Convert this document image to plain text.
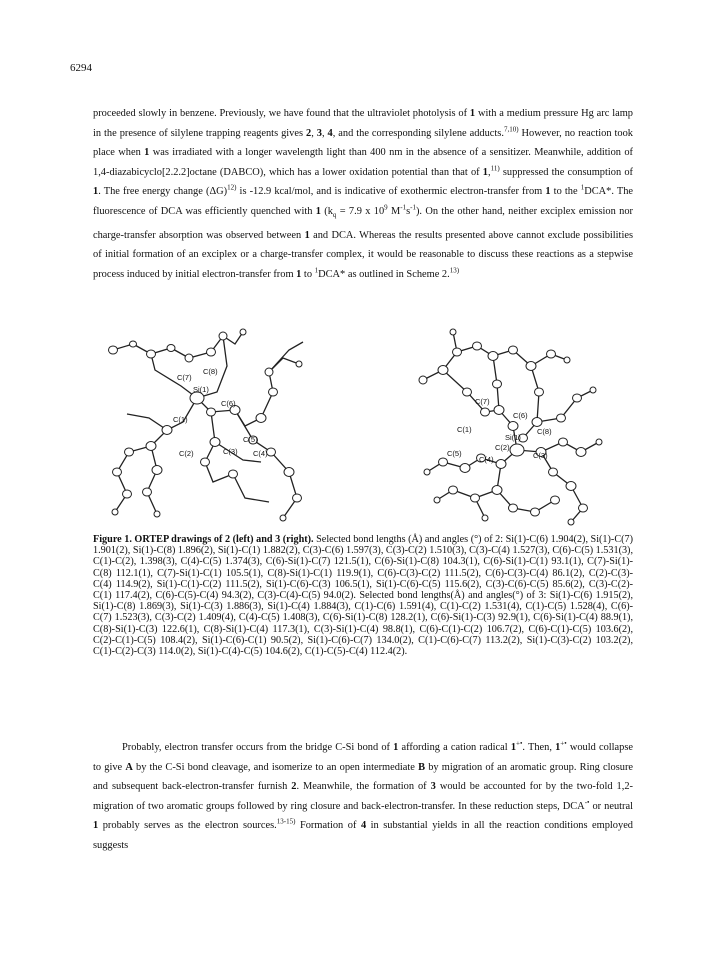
6294

proceeded slowly in benzene. Previously, we have found that the ultraviolet photolysis of 1 with a medium pressure Hg arc lamp in the presence of silylene trapping reagents gives 2, 3, 4, and the corresponding silylene adducts.$^{7,10)}$ However, no reaction took place when 1 was irradiated with a longer wavelength light than 400 nm in the absence of a sensitizer. Meanwhile, addition of 1,4-diazabicyclo[2.2.2]octane (DABCO), which has a lower oxidation potential than that of 1,$^{11)}$ suppressed the consumption of 1. The free energy change $(\Delta G)^{12)}$ is -12.9 kcal/mol, and is indicative of exothermic electron-transfer from 1 to the $^1$DCA*. The fluorescence of DCA was efficiently quenched with 1 ($k_q = 7.9$ x $10^9$ $M^{-1}s^{-1}$). On the other hand, neither exciplex emission nor charge-transfer absorption was observed between 1 and DCA. Whereas the results presented above cannot exclude possibilities of initial formation of an exciplex or a charge-transfer complex, it would be reasonable to discuss these reactions as a stepwise process induced by initial electron-transfer from 1 to $^1$DCA* as outlined in Scheme 2.$^{13)}$

C(7)
C(8)
Si(1)
C(6)
C(1)
C(5)
C(2)	C(3) C(4)
C(7)
C(6)
C(1)
Si(1)
C(8)
C(2)
C(5)
C(4)	C(3)

Figure 1. ORTEP drawings of 2 (left) and 3 (right). Selected bond lengths (Å) and angles (°) of 2: Si(1)-C(6) 1.904(2), Si(1)-C(7) 1.901(2), Si(1)-C(8) 1.896(2), Si(1)-C(1) 1.882(2), C(3)-C(6) 1.597(3), C(3)-C(2) 1.510(3), C(3)-C(4) 1.527(3), C(6)-C(5) 1.531(3), C(1)-C(2), 1.398(3), C(4)-C(5) 1.374(3), C(6)-Si(1)-C(7) 121.5(1), C(6)-Si(1)-C(8) 104.3(1), C(6)-Si(1)-C(1) 93.1(1), C(7)-Si(1)-C(8) 112.1(1), C(7)-Si(1)-C(1) 105.5(1), C(8)-Si(1)-C(1) 119.9(1), C(6)-C(3)-C(2) 111.5(2), C(6)-C(3)-C(4) 86.1(2), C(2)-C(3)-C(4) 114.9(2), Si(1)-C(1)-C(2) 111.5(2), Si(1)-C(6)-C(3) 106.5(1), Si(1)-C(6)-C(5) 115.6(2), C(3)-C(6)-C(5) 85.6(2), C(3)-C(2)-C(1) 117.4(2), C(6)-C(5)-C(4) 94.3(2), C(3)-C(4)-C(5) 94.0(2). Selected bond lengths(Å) and angles(°) of 3: Si(1)-C(6) 1.915(2), Si(1)-C(8) 1.869(3), Si(1)-C(3) 1.886(3), Si(1)-C(4) 1.884(3), C(1)-C(6) 1.591(4), C(1)-C(2) 1.531(4), C(1)-C(5) 1.528(4), C(6)-C(7) 1.523(3), C(3)-C(2) 1.409(4), C(4)-C(5) 1.408(3), C(6)-Si(1)-C(8) 128.2(1), C(6)-Si(1)-C(3) 92.9(1), C(6)-Si(1)-C(4) 88.9(1), C(8)-Si(1)-C(3) 122.6(1), C(8)-Si(1)-C(4) 117.3(1), C(3)-Si(1)-C(4) 98.8(1), C(6)-C(1)-C(2) 106.7(2), C(6)-C(1)-C(5) 103.6(2), C(2)-C(1)-C(5) 108.4(2), Si(1)-C(6)-C(1) 90.5(2), Si(1)-C(6)-C(7) 134.0(2), C(1)-C(6)-C(7) 113.2(2), Si(1)-C(3)-C(2) 103.2(2), C(1)-C(2)-C(3) 114.0(2), Si(1)-C(4)-C(5) 104.6(2), C(1)-C(5)-C(4) 112.4(2).

Probably, electron transfer occurs from the bridge C-Si bond of 1 affording a cation radical 1+•. Then, 1+• would collapse to give A by the C-Si bond cleavage, and isomerize to an open intermediate B by migration of an aromatic group. Ring closure and subsequent back-electron-transfer furnish 2. Meanwhile, the formation of 3 would be accounted for by the two-fold 1,2-migration of two aromatic groups followed by ring closure and back-electron-transfer. In these reduction steps, DCA-• or neutral 1 probably serves as the electron sources.$^{13-15)}$ Formation of 4 in substantial yields in all the reaction conditions employed suggests
